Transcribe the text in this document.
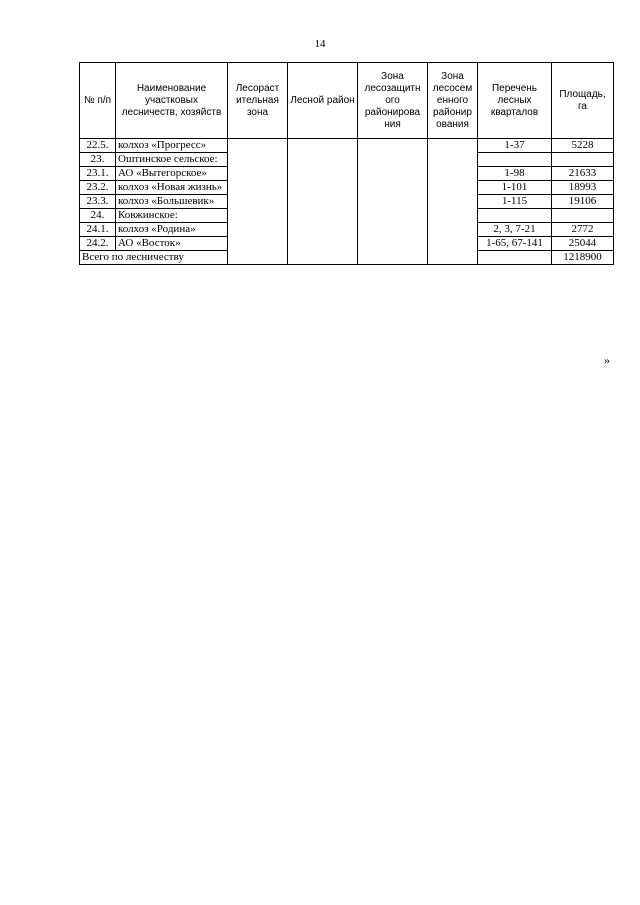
14
№ п/п	Наименование участковых лесничеств, хозяйств	Лесораст ительная зона	Лесной район	Зона лесозащитн ого районирова ния	Зона лесосем енного районир ования	Перечень лесных кварталов	Площадь, га
22.5.	колхоз «Прогресс»					1-37	5228
23.	Оштинское сельское:						
23.1.	АО «Вытегорское»					1-98	21633
23.2.	колхоз «Новая жизнь»					1-101	18993
23.3.	колхоз «Большевик»					1-115	19106
24.	Ковжинское:						
24.1.	колхоз «Родина»					2, 3, 7-21	2772
24.2.	АО «Восток»					1-65, 67-141	25044
Всего по лесничеству							1218900
»
